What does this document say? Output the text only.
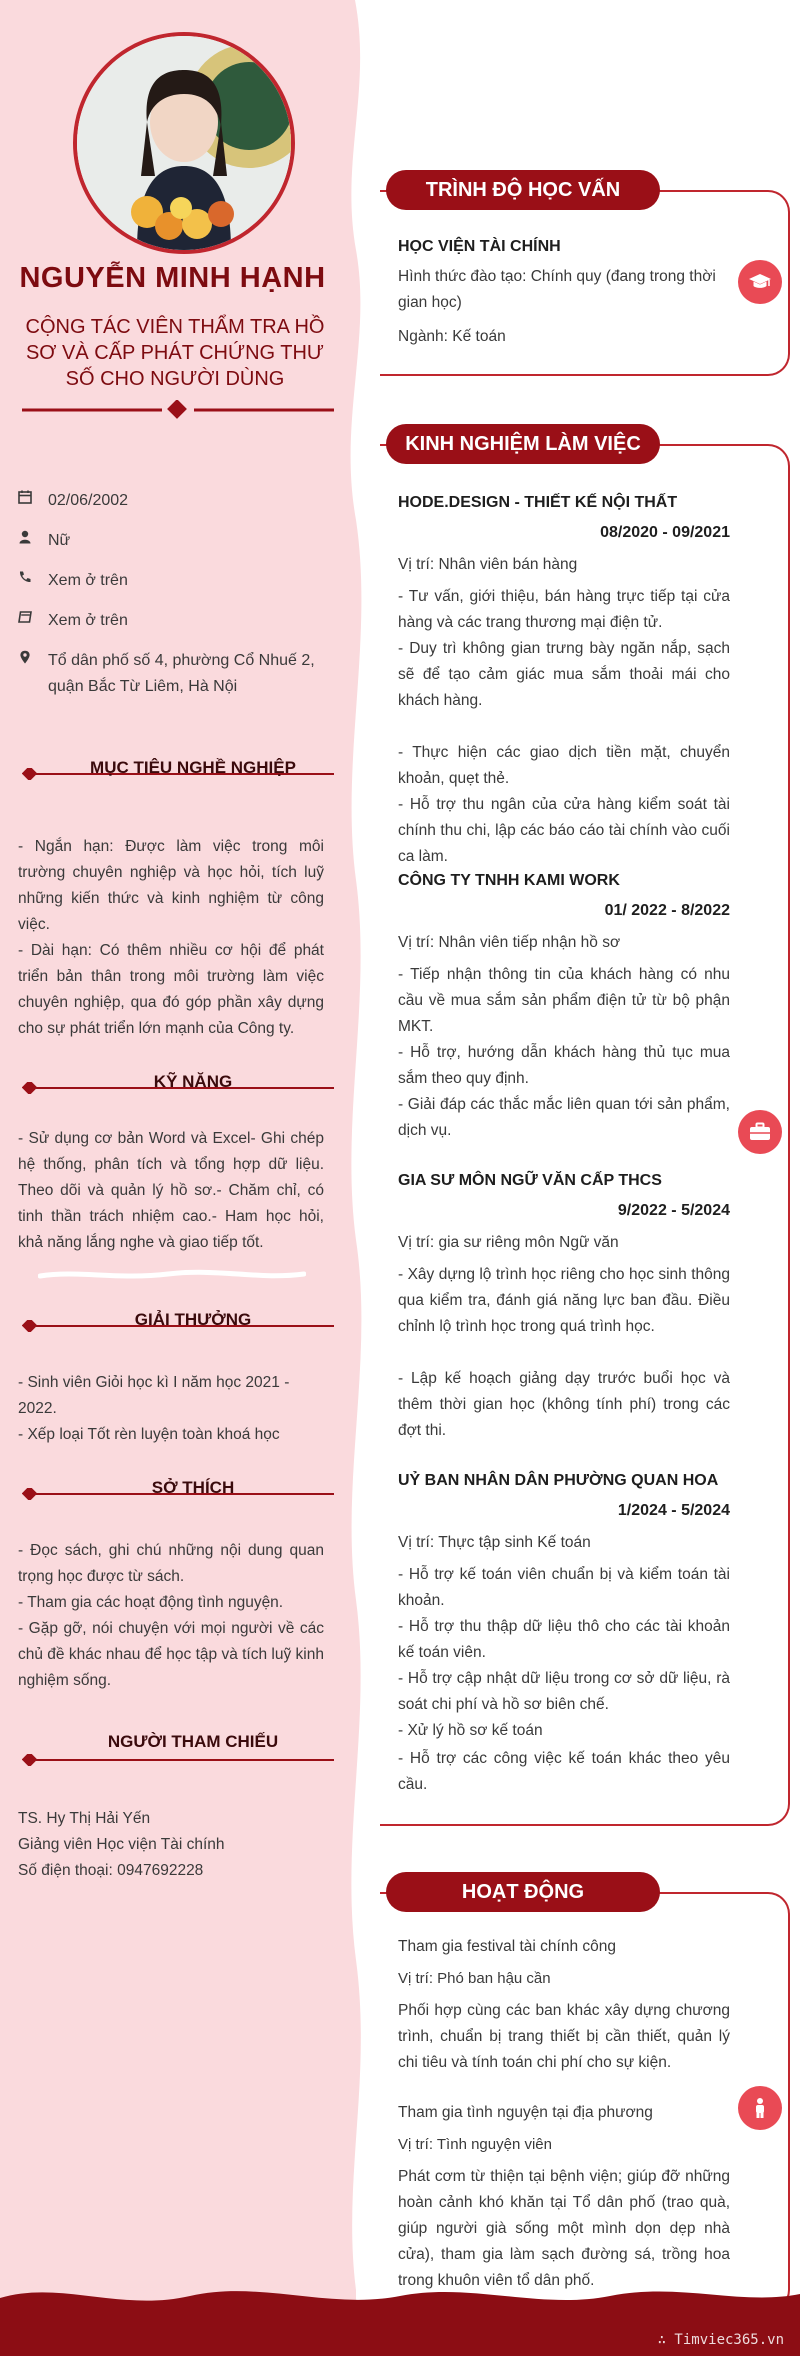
NGUYỄN MINH HẠNH
CỘNG TÁC VIÊN THẨM TRA HỒ SƠ VÀ CẤP PHÁT CHỨNG THƯ SỐ CHO NGƯỜI DÙNG
02/06/2002
Nữ
Xem ở trên
Xem ở trên
Tổ dân phố số 4, phường Cổ Nhuế 2, quận Bắc Từ Liêm, Hà Nội
MỤC TIÊU NGHỀ NGHIỆP
- Ngắn hạn: Được làm việc trong môi trường chuyên nghiệp và học hỏi, tích luỹ những kiến thức và kinh nghiệm từ công việc.
- Dài hạn: Có thêm nhiều cơ hội để phát triển bản thân trong môi trường làm việc chuyên nghiệp, qua đó góp phần xây dựng cho sự phát triển lớn mạnh của Công ty.
KỸ NĂNG
- Sử dụng cơ bản Word và Excel- Ghi chép hệ thống, phân tích và tổng hợp dữ liệu. Theo dõi và quản lý hồ sơ.- Chăm chỉ, có tinh thần trách nhiệm cao.- Ham học hỏi, khả năng lắng nghe và giao tiếp tốt.
GIẢI THƯỞNG
- Sinh viên Giỏi học kì I năm học 2021 - 2022.
- Xếp loại Tốt rèn luyện toàn khoá học
SỞ THÍCH
- Đọc sách, ghi chú những nội dung quan trọng học được từ sách.
- Tham gia các hoạt động tình nguyện.
- Gặp gỡ, nói chuyện với mọi người về các chủ đề khác nhau để học tập và tích luỹ kinh nghiệm sống.
NGƯỜI THAM CHIẾU
TS. Hy Thị Hải Yến
Giảng viên Học viện Tài chính
Số điện thoại: 0947692228
TRÌNH ĐỘ HỌC VẤN
HỌC VIỆN TÀI CHÍNH
Hình thức đào tạo: Chính quy (đang trong thời gian học)
Ngành: Kế toán
KINH NGHIỆM LÀM VIỆC
HODE.DESIGN - THIẾT KẾ NỘI THẤT
08/2020 - 09/2021
Vị trí: Nhân viên bán hàng
- Tư vấn, giới thiệu, bán hàng trực tiếp tại cửa hàng và các trang thương mại điện tử.
- Duy trì không gian trưng bày ngăn nắp, sạch sẽ để tạo cảm giác mua sắm thoải mái cho khách hàng.
- Thực hiện các giao dịch tiền mặt, chuyển khoản, quẹt thẻ.
- Hỗ trợ thu ngân của cửa hàng kiểm soát tài chính thu chi, lập các báo cáo tài chính vào cuối ca làm.
CÔNG TY TNHH KAMI WORK
01/ 2022 - 8/2022
Vị trí: Nhân viên tiếp nhận hồ sơ
- Tiếp nhận thông tin của khách hàng có nhu cầu về mua sắm sản phẩm điện tử từ bộ phận MKT.
- Hỗ trợ, hướng dẫn khách hàng thủ tục mua sắm theo quy định.
- Giải đáp các thắc mắc liên quan tới sản phẩm, dịch vụ.
GIA SƯ MÔN NGỮ VĂN CẤP THCS
9/2022 - 5/2024
Vị trí: gia sư riêng môn Ngữ văn
- Xây dựng lộ trình học riêng cho học sinh thông qua kiểm tra, đánh giá năng lực ban đầu. Điều chỉnh lộ trình học trong quá trình học.
- Lập kế hoạch giảng dạy trước buổi học và thêm thời gian học (không tính phí) trong các đợt thi.
UỶ BAN NHÂN DÂN PHƯỜNG QUAN HOA
1/2024 - 5/2024
Vị trí: Thực tập sinh Kế toán
- Hỗ trợ kế toán viên chuẩn bị và kiểm toán tài khoản.
- Hỗ trợ thu thập dữ liệu thô cho các tài khoản kế toán viên.
- Hỗ trợ cập nhật dữ liệu trong cơ sở dữ liệu, rà soát chi phí và hồ sơ biên chế.
- Xử lý hồ sơ kế toán
- Hỗ trợ các công việc kế toán khác theo yêu cầu.
HOẠT ĐỘNG
Tham gia festival tài chính công
Vị trí: Phó ban hậu cần
Phối hợp cùng các ban khác xây dựng chương trình, chuẩn bị trang thiết bị cần thiết, quản lý chi tiêu và tính toán chi phí cho sự kiện.
Tham gia tình nguyện tại địa phương
Vị trí: Tình nguyện viên
Phát cơm từ thiện tại bệnh viện; giúp đỡ những hoàn cảnh khó khăn tại Tổ dân phố (trao quà, giúp người già sống một mình dọn dẹp nhà cửa), tham gia làm sạch đường sá, trồng hoa trong khuôn viên tổ dân phố.
∴ Timviec365.vn
